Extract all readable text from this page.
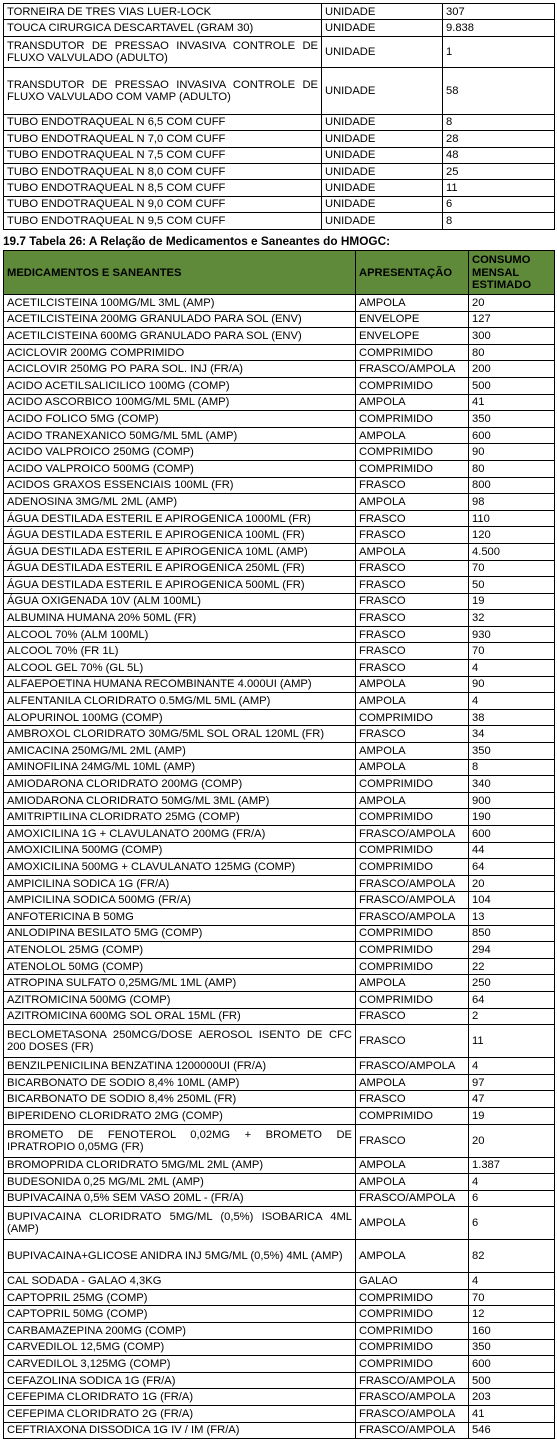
TORNEIRA DE TRES VIAS LUER-LOCK	UNIDADE	307
TOUCA CIRURGICA DESCARTAVEL (GRAM 30)	UNIDADE	9.838
TRANSDUTOR DE PRESSAO INVASIVA CONTROLE DE FLUXO VALVULADO (ADULTO)	UNIDADE	1
TRANSDUTOR DE PRESSAO INVASIVA CONTROLE DE FLUXO VALVULADO COM VAMP (ADULTO)	UNIDADE	58
TUBO ENDOTRAQUEAL N 6,5 COM CUFF	UNIDADE	8
TUBO ENDOTRAQUEAL N 7,0 COM CUFF	UNIDADE	28
TUBO ENDOTRAQUEAL N 7,5 COM CUFF	UNIDADE	48
TUBO ENDOTRAQUEAL N 8,0 COM CUFF	UNIDADE	25
TUBO ENDOTRAQUEAL N 8,5 COM CUFF	UNIDADE	11
TUBO ENDOTRAQUEAL N 9,0 COM CUFF	UNIDADE	6
TUBO ENDOTRAQUEAL N 9,5 COM CUFF	UNIDADE	8
19.7 Tabela 26: A Relação de Medicamentos e Saneantes do HMOGC:
MEDICAMENTOS E SANEANTES	APRESENTAÇÃO	CONSUMO MENSAL ESTIMADO
ACETILCISTEINA 100MG/ML 3ML (AMP)	AMPOLA	20
ACETILCISTEINA 200MG GRANULADO PARA SOL (ENV)	ENVELOPE	127
ACETILCISTEINA 600MG GRANULADO PARA SOL (ENV)	ENVELOPE	300
ACICLOVIR 200MG COMPRIMIDO	COMPRIMIDO	80
ACICLOVIR 250MG PO PARA SOL. INJ (FR/A)	FRASCO/AMPOLA	200
ACIDO ACETILSALICILICO 100MG (COMP)	COMPRIMIDO	500
ACIDO ASCORBICO 100MG/ML 5ML (AMP)	AMPOLA	41
ACIDO FOLICO 5MG (COMP)	COMPRIMIDO	350
ACIDO TRANEXANICO 50MG/ML 5ML (AMP)	AMPOLA	600
ACIDO VALPROICO 250MG (COMP)	COMPRIMIDO	90
ACIDO VALPROICO 500MG (COMP)	COMPRIMIDO	80
ACIDOS GRAXOS ESSENCIAIS 100ML (FR)	FRASCO	800
ADENOSINA 3MG/ML 2ML (AMP)	AMPOLA	98
ÁGUA DESTILADA ESTERIL E APIROGENICA 1000ML (FR)	FRASCO	110
ÁGUA DESTILADA ESTERIL E APIROGENICA 100ML (FR)	FRASCO	120
ÁGUA DESTILADA ESTERIL E APIROGENICA 10ML (AMP)	AMPOLA	4.500
ÁGUA DESTILADA ESTERIL E APIROGENICA 250ML (FR)	FRASCO	70
ÁGUA DESTILADA ESTERIL E APIROGENICA 500ML (FR)	FRASCO	50
ÁGUA OXIGENADA 10V (ALM 100ML)	FRASCO	19
ALBUMINA HUMANA 20% 50ML (FR)	FRASCO	32
ALCOOL 70% (ALM 100ML)	FRASCO	930
ALCOOL 70% (FR 1L)	FRASCO	70
ALCOOL GEL 70% (GL 5L)	FRASCO	4
ALFAEPOETINA HUMANA RECOMBINANTE 4.000UI (AMP)	AMPOLA	90
ALFENTANILA CLORIDRATO 0.5MG/ML 5ML (AMP)	AMPOLA	4
ALOPURINOL 100MG (COMP)	COMPRIMIDO	38
AMBROXOL CLORIDRATO 30MG/5ML SOL ORAL 120ML (FR)	FRASCO	34
AMICACINA 250MG/ML 2ML (AMP)	AMPOLA	350
AMINOFILINA 24MG/ML 10ML (AMP)	AMPOLA	8
AMIODARONA CLORIDRATO 200MG (COMP)	COMPRIMIDO	340
AMIODARONA CLORIDRATO 50MG/ML 3ML (AMP)	AMPOLA	900
AMITRIPTILINA CLORIDRATO 25MG (COMP)	COMPRIMIDO	190
AMOXICILINA 1G + CLAVULANATO 200MG (FR/A)	FRASCO/AMPOLA	600
AMOXICILINA 500MG (COMP)	COMPRIMIDO	44
AMOXICILINA 500MG + CLAVULANATO 125MG (COMP)	COMPRIMIDO	64
AMPICILINA SODICA 1G (FR/A)	FRASCO/AMPOLA	20
AMPICILINA SODICA 500MG (FR/A)	FRASCO/AMPOLA	104
ANFOTERICINA B 50MG	FRASCO/AMPOLA	13
ANLODIPINA BESILATO 5MG (COMP)	COMPRIMIDO	850
ATENOLOL 25MG (COMP)	COMPRIMIDO	294
ATENOLOL 50MG (COMP)	COMPRIMIDO	22
ATROPINA SULFATO 0,25MG/ML 1ML (AMP)	AMPOLA	250
AZITROMICINA 500MG (COMP)	COMPRIMIDO	64
AZITROMICINA 600MG SOL ORAL 15ML (FR)	FRASCO	2
BECLOMETASONA 250MCG/DOSE AEROSOL ISENTO DE CFC 200 DOSES (FR)	FRASCO	11
BENZILPENICILINA BENZATINA 1200000UI (FR/A)	FRASCO/AMPOLA	4
BICARBONATO DE SODIO 8,4% 10ML (AMP)	AMPOLA	97
BICARBONATO DE SODIO 8,4% 250ML (FR)	FRASCO	47
BIPERIDENO CLORIDRATO 2MG (COMP)	COMPRIMIDO	19
BROMETO DE FENOTEROL 0,02MG + BROMETO DE IPRATROPIO 0,05MG (FR)	FRASCO	20
BROMOPRIDA CLORIDRATO 5MG/ML 2ML (AMP)	AMPOLA	1.387
BUDESONIDA 0,25 MG/ML 2ML (AMP)	AMPOLA	4
BUPIVACAINA 0,5% SEM VASO 20ML - (FR/A)	FRASCO/AMPOLA	6
BUPIVACAINA CLORIDRATO 5MG/ML (0,5%) ISOBARICA 4ML (AMP)	AMPOLA	6
BUPIVACAINA+GLICOSE ANIDRA INJ 5MG/ML (0,5%) 4ML (AMP)	AMPOLA	82
CAL SODADA - GALAO 4,3KG	GALAO	4
CAPTOPRIL 25MG (COMP)	COMPRIMIDO	70
CAPTOPRIL 50MG (COMP)	COMPRIMIDO	12
CARBAMAZEPINA 200MG (COMP)	COMPRIMIDO	160
CARVEDILOL 12,5MG (COMP)	COMPRIMIDO	350
CARVEDILOL 3,125MG (COMP)	COMPRIMIDO	600
CEFAZOLINA SODICA 1G (FR/A)	FRASCO/AMPOLA	500
CEFEPIMA CLORIDRATO 1G (FR/A)	FRASCO/AMPOLA	203
CEFEPIMA CLORIDRATO 2G (FR/A)	FRASCO/AMPOLA	41
CEFTRIAXONA DISSODICA 1G IV / IM (FR/A)	FRASCO/AMPOLA	546
